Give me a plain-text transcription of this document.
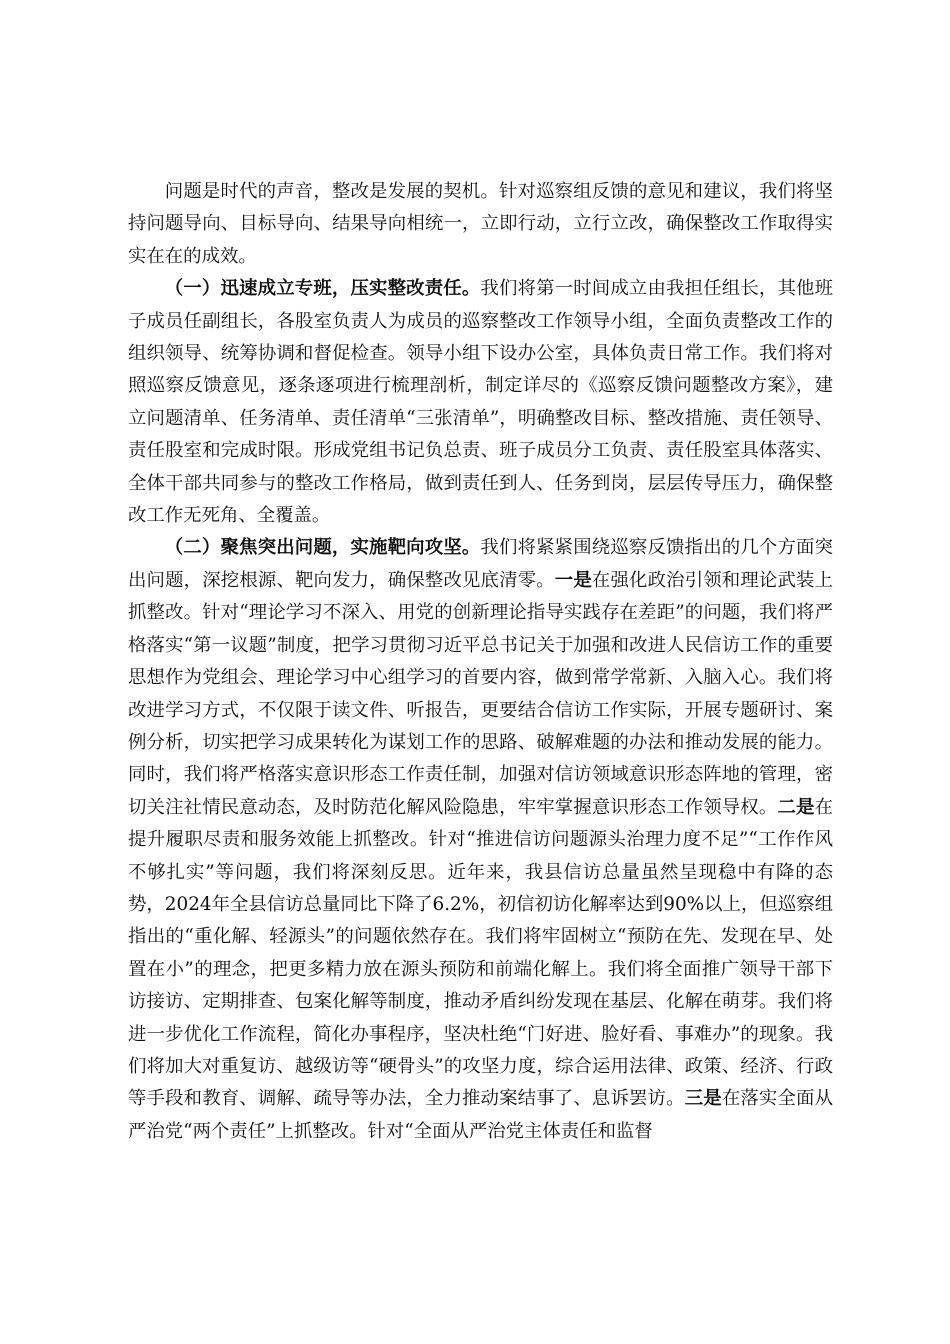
问题是时代的声音，整改是发展的契机。针对巡察组反馈的意见和建议，我们将坚持问题导向、目标导向、结果导向相统一，立即行动，立行立改，确保整改工作取得实实在在的成效。

（一）迅速成立专班，压实整改责任。我们将第一时间成立由我担任组长，其他班子成员任副组长，各股室负责人为成员的巡察整改工作领导小组，全面负责整改工作的组织领导、统筹协调和督促检查。领导小组下设办公室，具体负责日常工作。我们将对照巡察反馈意见，逐条逐项进行梳理剖析，制定详尽的《巡察反馈问题整改方案》，建立问题清单、任务清单、责任清单“三张清单”，明确整改目标、整改措施、责任领导、责任股室和完成时限。形成党组书记负总责、班子成员分工负责、责任股室具体落实、全体干部共同参与的整改工作格局，做到责任到人、任务到岗，层层传导压力，确保整改工作无死角、全覆盖。

（二）聚焦突出问题，实施靶向攻坚。我们将紧紧围绕巡察反馈指出的几个方面突出问题，深挖根源、靶向发力，确保整改见底清零。一是在强化政治引领和理论武装上抓整改。针对“理论学习不深入、用党的创新理论指导实践存在差距”的问题，我们将严格落实“第一议题”制度，把学习贯彻习近平总书记关于加强和改进人民信访工作的重要思想作为党组会、理论学习中心组学习的首要内容，做到常学常新、入脑入心。我们将改进学习方式，不仅限于读文件、听报告，更要结合信访工作实际，开展专题研讨、案例分析，切实把学习成果转化为谋划工作的思路、破解难题的办法和推动发展的能力。同时，我们将严格落实意识形态工作责任制，加强对信访领域意识形态阵地的管理，密切关注社情民意动态，及时防范化解风险隐患，牢牢掌握意识形态工作领导权。二是在提升履职尽责和服务效能上抓整改。针对“推进信访问题源头治理力度不足”“工作作风不够扎实”等问题，我们将深刻反思。近年来，我县信访总量虽然呈现稳中有降的态势，2024年全县信访总量同比下降了6.2%，初信初访化解率达到90%以上，但巡察组指出的“重化解、轻源头”的问题依然存在。我们将牢固树立“预防在先、发现在早、处置在小”的理念，把更多精力放在源头预防和前端化解上。我们将全面推广领导干部下访接访、定期排查、包案化解等制度，推动矛盾纠纷发现在基层、化解在萌芽。我们将进一步优化工作流程，简化办事程序，坚决杜绝“门好进、脸好看、事难办”的现象。我们将加大对重复访、越级访等“硬骨头”的攻坚力度，综合运用法律、政策、经济、行政等手段和教育、调解、疏导等办法，全力推动案结事了、息诉罢访。三是在落实全面从严治党“两个责任”上抓整改。针对“全面从严治党主体责任和监督
